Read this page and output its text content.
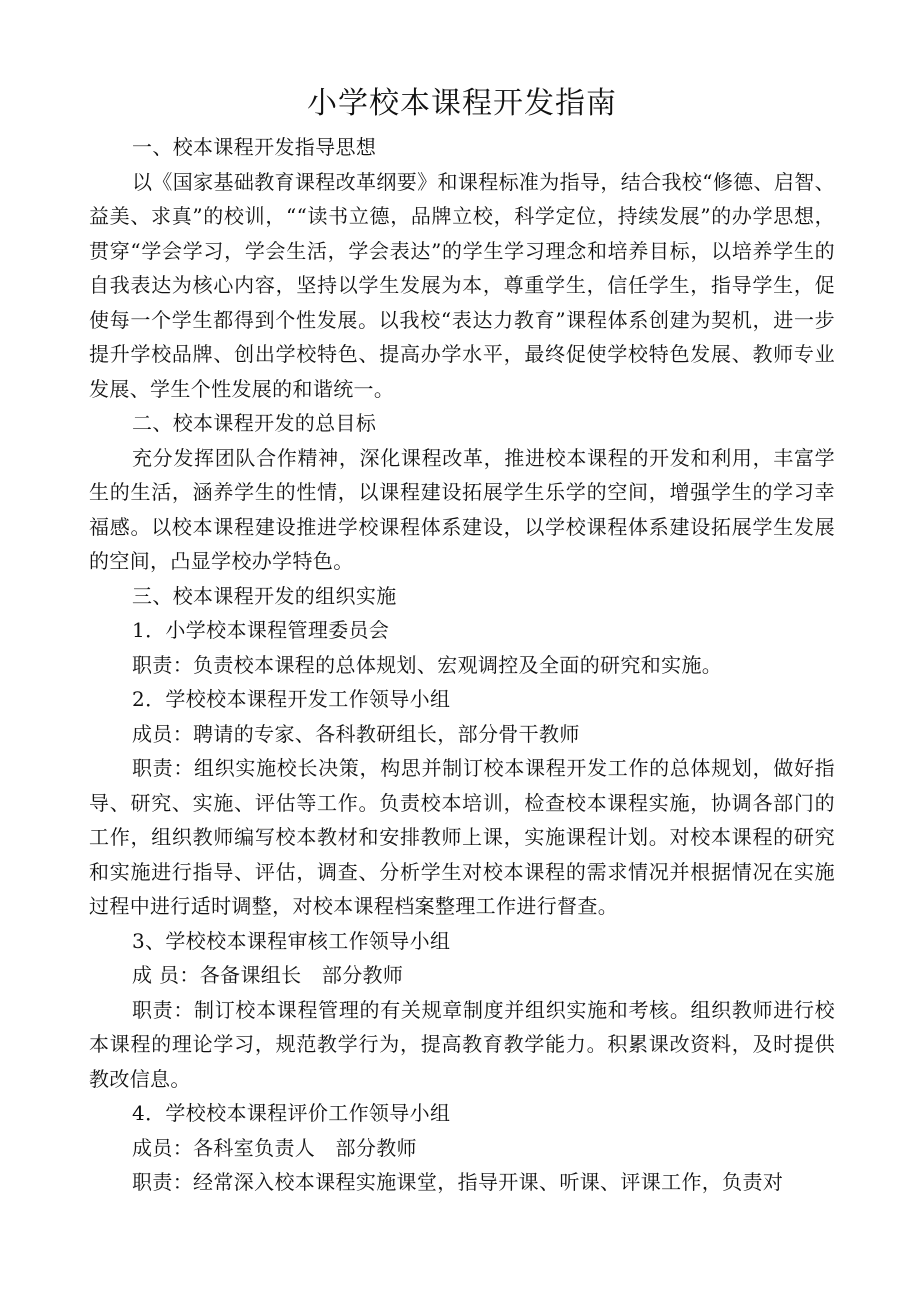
小学校本课程开发指南

一、校本课程开发指导思想

以《国家基础教育课程改革纲要》和课程标准为指导，结合我校“修德、启智、益美、求真”的校训，““读书立德，品牌立校，科学定位，持续发展”的办学思想，贯穿“学会学习，学会生活，学会表达”的学生学习理念和培养目标，以培养学生的自我表达为核心内容，坚持以学生发展为本，尊重学生，信任学生，指导学生，促使每一个学生都得到个性发展。以我校“表达力教育”课程体系创建为契机，进一步提升学校品牌、创出学校特色、提高办学水平，最终促使学校特色发展、教师专业发展、学生个性发展的和谐统一。

二、校本课程开发的总目标

充分发挥团队合作精神，深化课程改革，推进校本课程的开发和利用，丰富学生的生活，涵养学生的性情，以课程建设拓展学生乐学的空间，增强学生的学习幸福感。以校本课程建设推进学校课程体系建设，以学校课程体系建设拓展学生发展的空间，凸显学校办学特色。

三、校本课程开发的组织实施

1．小学校本课程管理委员会

职责：负责校本课程的总体规划、宏观调控及全面的研究和实施。

2．学校校本课程开发工作领导小组

成员：聘请的专家、各科教研组长，部分骨干教师

职责：组织实施校长决策，构思并制订校本课程开发工作的总体规划，做好指导、研究、实施、评估等工作。负责校本培训，检查校本课程实施，协调各部门的工作，组织教师编写校本教材和安排教师上课，实施课程计划。对校本课程的研究和实施进行指导、评估，调查、分析学生对校本课程的需求情况并根据情况在实施过程中进行适时调整，对校本课程档案整理工作进行督查。

3、学校校本课程审核工作领导小组

成 员：各备课组长　部分教师

职责：制订校本课程管理的有关规章制度并组织实施和考核。组织教师进行校本课程的理论学习，规范教学行为，提高教育教学能力。积累课改资料，及时提供教改信息。

4．学校校本课程评价工作领导小组

成员：各科室负责人　部分教师

职责：经常深入校本课程实施课堂，指导开课、听课、评课工作，负责对
